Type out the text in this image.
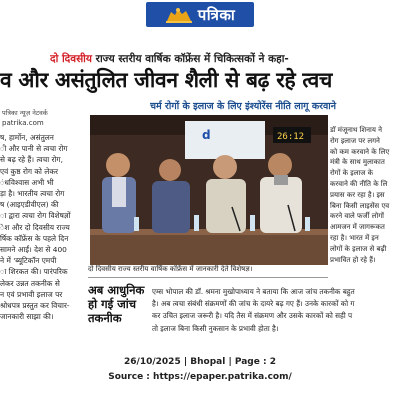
पत्रिका
दो दिवसीय राज्य स्तरीय वार्षिक कॉफ्रेंस में चिकित्सकों ने कहा-
व और असंतुलित जीवन शैली से बढ़ रहे त्वच
पत्रिका न्यूज़ नेटवर्क
patrika.com

ष, हार्मोन, असंतुलन

ी और पानी से त्वचा रोग

से बढ़ रहे हैं। त्वचा रोग,

एवं कुष्ठ रोग को लेकर

ंधविश्वास अभी भी

ड़ा है। भारतीय त्वचा रोग

ष (आइएडीवीएल) की

ा द्वारा त्वचा रोग विशेषज्ञों

ेश और दो दिवसीय राज्य

र्षिक कॉफ्रेंस के पहले दिन

सामने आईं। देश से 400

ने में 'ब्यूटिकॉन एमपी

ा शिरकत की। पारंपरिक

लेकर उन्नत तकनीक से

न एवं प्रभावी इलाज पर

श्रोधपत्र प्रस्तुत कर विचार-

जानकारी साझा की।

चर्म रोगों के इलाज के लिए इंश्योरेंस नीति लागू करवाने
d	26:12
दो दिवसीय राज्य स्तरीय वार्षिक कॉफ्रेंस में जानकारी देते विशेषज्ञ।

डॉ मंजूनाथ शिनाय ने

रोग इलाज पर लगने

को कम करवाने के लिए

मंत्री के साथ मुलाकात

रोगों के इलाज के

करवाने की नीति के लि

प्रयास कर रहा है। इस

बिना किसी लाइसेंस एव

करने वाले फर्जी लोगों

आमजन में जागरूकत

रहा है। भारत में इन

लोगों के इलाज से बढ़ी

प्रभावित हो रहे हैं।

अब आधुनिक

हो गई जांच

तकनीक

एम्स भोपाल की डॉ. श्रमना मुखोपाध्याय ने बताया कि आज जांच तकनीक बहुत

है। अब त्वचा संबंधी संक्रमणों की जांच के दायरे बढ़ गए हैं। उनके कारकों को ग

कर उचित इलाज जरूरी है। यदि तैस में संक्रमण और उसके कारकों को सही प

तो इलाज बिना किसी नुकसान के प्रभावी होता है।

26/10/2025 | Bhopal | Page : 2
Source : https://epaper.patrika.com/
